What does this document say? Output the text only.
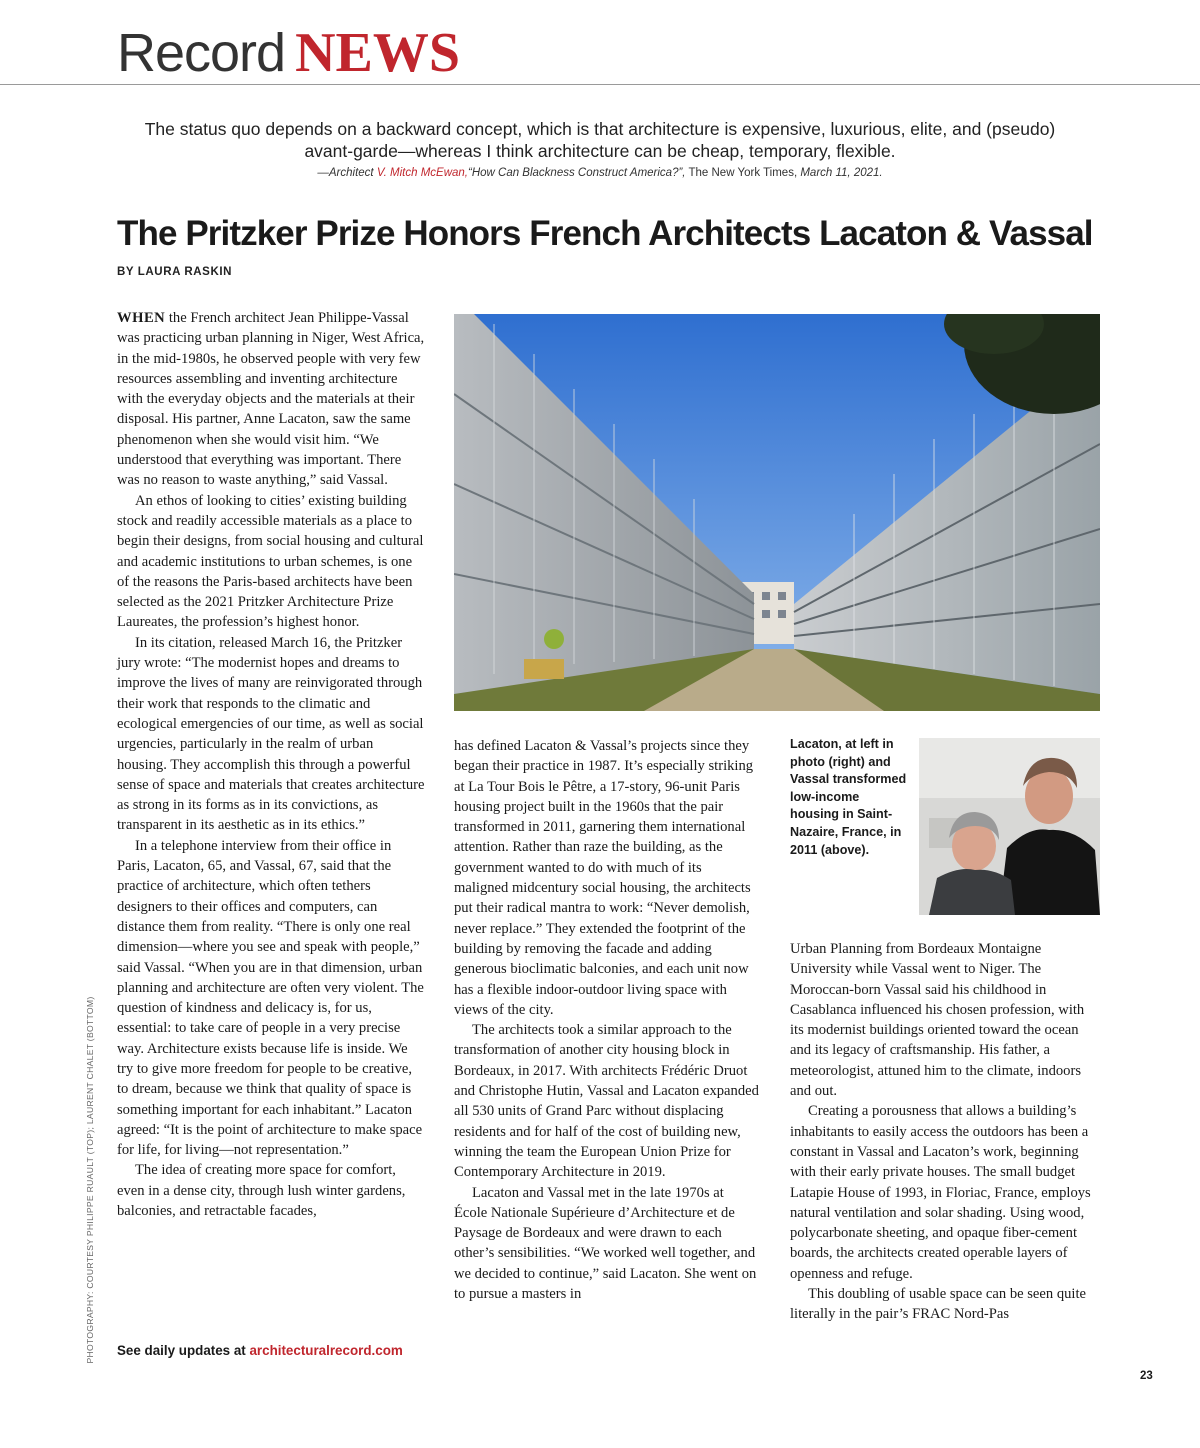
Record NEWS
The status quo depends on a backward concept, which is that architecture is expensive, luxurious, elite, and (pseudo)
avant-garde—whereas I think architecture can be cheap, temporary, flexible.
—Architect V. Mitch McEwan,“How Can Blackness Construct America?”, The New York Times, March 11, 2021.
The Pritzker Prize Honors French Architects Lacaton & Vassal
BY LAURA RASKIN

WHEN the French architect Jean Philippe-Vassal was practicing urban planning in Niger, West Africa, in the mid-1980s, he observed people with very few resources assembling and inventing architecture with the everyday objects and the materials at their disposal. His partner, Anne Lacaton, saw the same phenomenon when she would visit him. “We understood that everything was important. There was no reason to waste anything,” said Vassal.

An ethos of looking to cities’ existing building stock and readily accessible materials as a place to begin their designs, from social housing and cultural and academic institutions to urban schemes, is one of the reasons the Paris-based architects have been selected as the 2021 Pritzker Architecture Prize Laureates, the profession’s highest honor.

In its citation, released March 16, the Pritzker jury wrote: “The modernist hopes and dreams to improve the lives of many are reinvigorated through their work that responds to the climatic and ecological emergencies of our time, as well as social urgencies, particularly in the realm of urban housing. They accomplish this through a powerful sense of space and materials that creates architecture as strong in its forms as in its convictions, as transparent in its aesthetic as in its ethics.”

In a telephone interview from their office in Paris, Lacaton, 65, and Vassal, 67, said that the practice of architecture, which often tethers designers to their offices and computers, can distance them from reality. “There is only one real dimension—where you see and speak with people,” said Vassal. “When you are in that dimension, urban planning and architecture are often very violent. The question of kindness and delicacy is, for us, essential: to take care of people in a very precise way. Architecture exists because life is inside. We try to give more freedom for people to be creative, to dream, because we think that quality of space is something important for each inhabitant.” Lacaton agreed: “It is the point of architecture to make space for life, for living—not representation.”

The idea of creating more space for comfort, even in a dense city, through lush winter gardens, balconies, and retractable facades,

has defined Lacaton & Vassal’s projects since they began their practice in 1987. It’s especially striking at La Tour Bois le Pêtre, a 17-story, 96-unit Paris housing project built in the 1960s that the pair transformed in 2011, garnering them international attention. Rather than raze the building, as the government wanted to do with much of its maligned midcentury social housing, the architects put their radical mantra to work: “Never demolish, never replace.” They extended the footprint of the building by removing the facade and adding generous bioclimatic balconies, and each unit now has a flexible indoor-outdoor living space with views of the city.

The architects took a similar approach to the transformation of another city housing block in Bordeaux, in 2017. With architects Frédéric Druot and Christophe Hutin, Vassal and Lacaton expanded all 530 units of Grand Parc without displacing residents and for half of the cost of building new, winning the team the European Union Prize for Contemporary Architecture in 2019.

Lacaton and Vassal met in the late 1970s at École Nationale Supérieure d’Architecture et de Paysage de Bordeaux and were drawn to each other’s sensibilities. “We worked well together, and we decided to continue,” said Lacaton. She went on to pursue a masters in

Lacaton, at left in photo (right) and Vassal transformed low-income housing in Saint-Nazaire, France, in 2011 (above).

Urban Planning from Bordeaux Montaigne University while Vassal went to Niger. The Moroccan-born Vassal said his childhood in Casablanca influenced his chosen profession, with its modernist buildings oriented toward the ocean and its legacy of craftsmanship. His father, a meteorologist, attuned him to the climate, indoors and out.

Creating a porousness that allows a building’s inhabitants to easily access the outdoors has been a constant in Vassal and Lacaton’s work, beginning with their early private houses. The small budget Latapie House of 1993, in Floriac, France, employs natural ventilation and solar shading. Using wood, polycarbonate sheeting, and opaque fiber-cement boards, the architects created operable layers of openness and refuge.

This doubling of usable space can be seen quite literally in the pair’s FRAC Nord-Pas

PHOTOGRAPHY: COURTESY PHILIPPE RUAULT (TOP); LAURENT CHALET (BOTTOM) See daily updates at architecturalrecord.com
23
